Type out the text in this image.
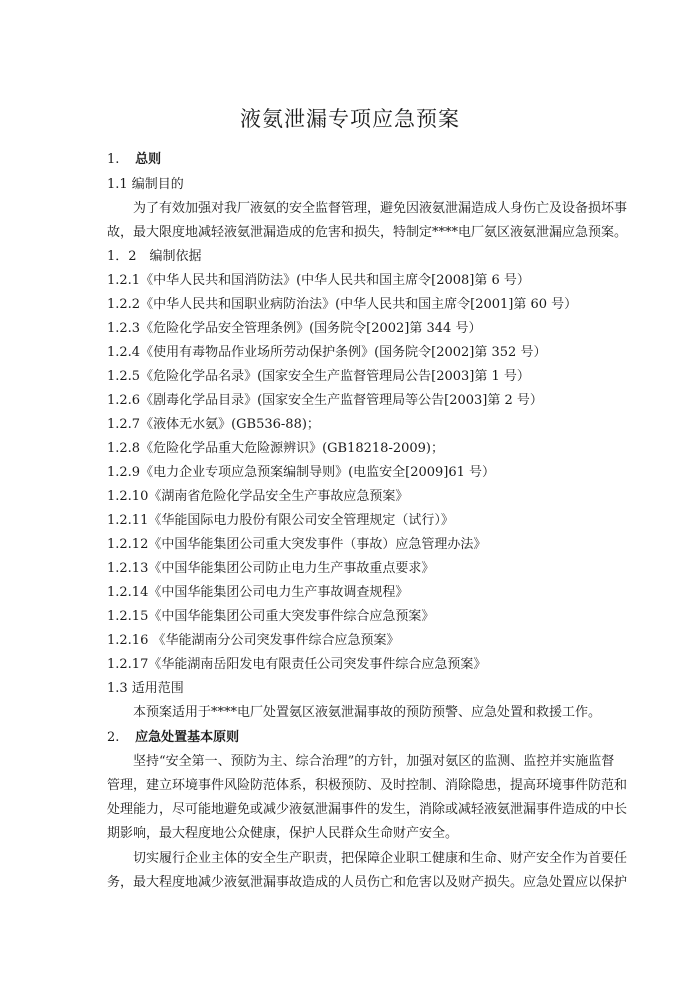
液氨泄漏专项应急预案
1. 总则
1.1 编制目的
为了有效加强对我厂液氨的安全监督管理，避免因液氨泄漏造成人身伤亡及设备损坏事
故，最大限度地减轻液氨泄漏造成的危害和损失，特制定****电厂氨区液氨泄漏应急预案。
1．2　编制依据
1.2.1《中华人民共和国消防法》(中华人民共和国主席令[2008]第 6 号）
1.2.2《中华人民共和国职业病防治法》(中华人民共和国主席令[2001]第 60 号）
1.2.3《危险化学品安全管理条例》(国务院令[2002]第 344 号）
1.2.4《使用有毒物品作业场所劳动保护条例》(国务院令[2002]第 352 号）
1.2.5《危险化学品名录》(国家安全生产监督管理局公告[2003]第 1 号）
1.2.6《剧毒化学品目录》(国家安全生产监督管理局等公告[2003]第 2 号）
1.2.7《液体无水氨》(GB536-88)；
1.2.8《危险化学品重大危险源辨识》(GB18218-2009)；
1.2.9《电力企业专项应急预案编制导则》(电监安全[2009]61 号）
1.2.10《湖南省危险化学品安全生产事故应急预案》
1.2.11《华能国际电力股份有限公司安全管理规定（试行）》
1.2.12《中国华能集团公司重大突发事件（事故）应急管理办法》
1.2.13《中国华能集团公司防止电力生产事故重点要求》
1.2.14《中国华能集团公司电力生产事故调查规程》
1.2.15《中国华能集团公司重大突发事件综合应急预案》
1.2.16 《华能湖南分公司突发事件综合应急预案》
1.2.17《华能湖南岳阳发电有限责任公司突发事件综合应急预案》
1.3 适用范围
本预案适用于****电厂处置氨区液氨泄漏事故的预防预警、应急处置和救援工作。
2. 应急处置基本原则
坚持“安全第一、预防为主、综合治理”的方针，加强对氨区的监测、监控并实施监督
管理，建立环境事件风险防范体系，积极预防、及时控制、消除隐患，提高环境事件防范和
处理能力，尽可能地避免或减少液氨泄漏事件的发生，消除或减轻液氨泄漏事件造成的中长
期影响，最大程度地公众健康，保护人民群众生命财产安全。
切实履行企业主体的安全生产职责，把保障企业职工健康和生命、财产安全作为首要任
务，最大程度地减少液氨泄漏事故造成的人员伤亡和危害以及财产损失。应急处置应以保护
